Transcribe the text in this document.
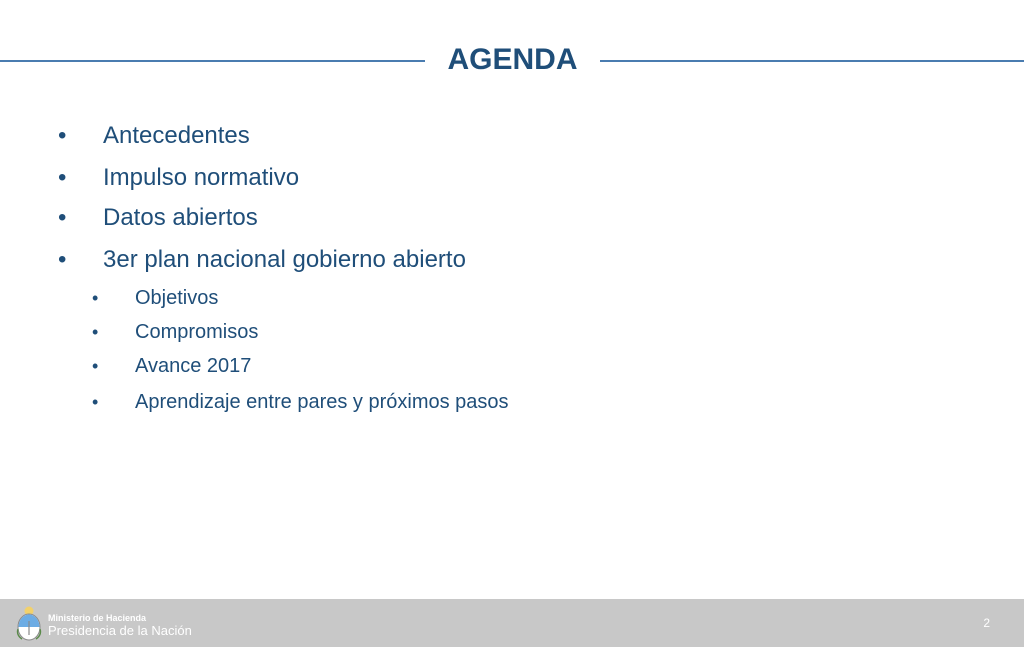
AGENDA
• Antecedentes
• Impulso normativo
• Datos abiertos
• 3er plan nacional gobierno abierto
• Objetivos
• Compromisos
• Avance 2017
• Aprendizaje entre pares y próximos pasos
Ministerio de Hacienda
Presidencia de la Nación	2
